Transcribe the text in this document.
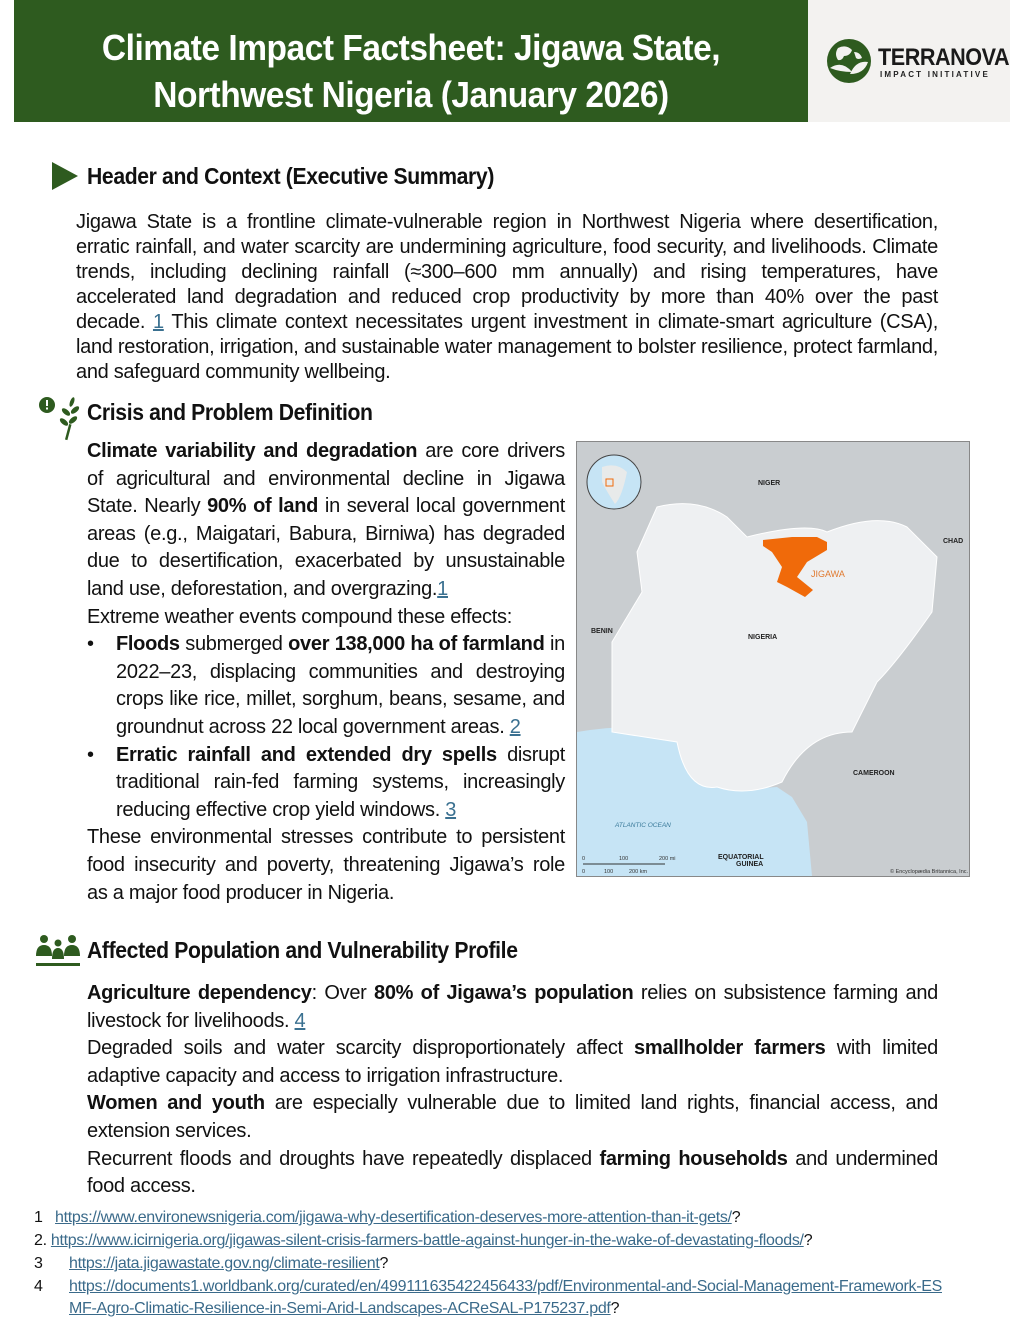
Climate Impact Factsheet: Jigawa State,
Northwest Nigeria (January 2026)
TERRANOVA
IMPACT INITIATIVE
Header and Context (Executive Summary)
Jigawa State is a frontline climate-vulnerable region in Northwest Nigeria where desertification, erratic rainfall, and water scarcity are undermining agriculture, food security, and livelihoods. Climate trends, including declining rainfall (≈300–600 mm annually) and rising temperatures, have accelerated land degradation and reduced crop productivity by more than 40% over the past decade. 1 This climate context necessitates urgent investment in climate-smart agriculture (CSA), land restoration, irrigation, and sustainable water management to bolster resilience, protect farmland, and safeguard community wellbeing.
Crisis and Problem Definition
Climate variability and degradation are core drivers of agricultural and environmental decline in Jigawa State. Nearly 90% of land in several local government areas (e.g., Maigatari, Babura, Birniwa) has degraded due to desertification, exacerbated by unsustainable land use, deforestation, and overgrazing.1
Extreme weather events compound these effects:
• Floods submerged over 138,000 ha of farmland in 2022–23, displacing communities and destroying crops like rice, millet, sorghum, beans, sesame, and groundnut across 22 local government areas. 2
• Erratic rainfall and extended dry spells disrupt traditional rain-fed farming systems, increasingly reducing effective crop yield windows. 3
These environmental stresses contribute to persistent food insecurity and poverty, threatening Jigawa’s role as a major food producer in Nigeria.
NIGER
CHAD
BENIN
NIGERIA
CAMEROON
EQUATORIAL
GUINEA
JIGAWA
ATLANTIC OCEAN
© Encyclopædia Britannica, Inc.
0	100	200 mi
0	100	200 km
Affected Population and Vulnerability Profile
Agriculture dependency: Over 80% of Jigawa’s population relies on subsistence farming and livestock for livelihoods. 4
Degraded soils and water scarcity disproportionately affect smallholder farmers with limited adaptive capacity and access to irrigation infrastructure.
Women and youth are especially vulnerable due to limited land rights, financial access, and extension services.
Recurrent floods and droughts have repeatedly displaced farming households and undermined food access.
1 https://www.environewsnigeria.com/jigawa-why-desertification-deserves-more-attention-than-it-gets/?
2. https://www.icirnigeria.org/jigawas-silent-crisis-farmers-battle-against-hunger-in-the-wake-of-devastating-floods/?
3 https://jata.jigawastate.gov.ng/climate-resilient?
4	https://documents1.worldbank.org/curated/en/499111635422456433/pdf/Environmental-and-Social-Management-Framework-ESMF-Agro-Climatic-Resilience-in-Semi-Arid-Landscapes-ACReSAL-P175237.pdf?
